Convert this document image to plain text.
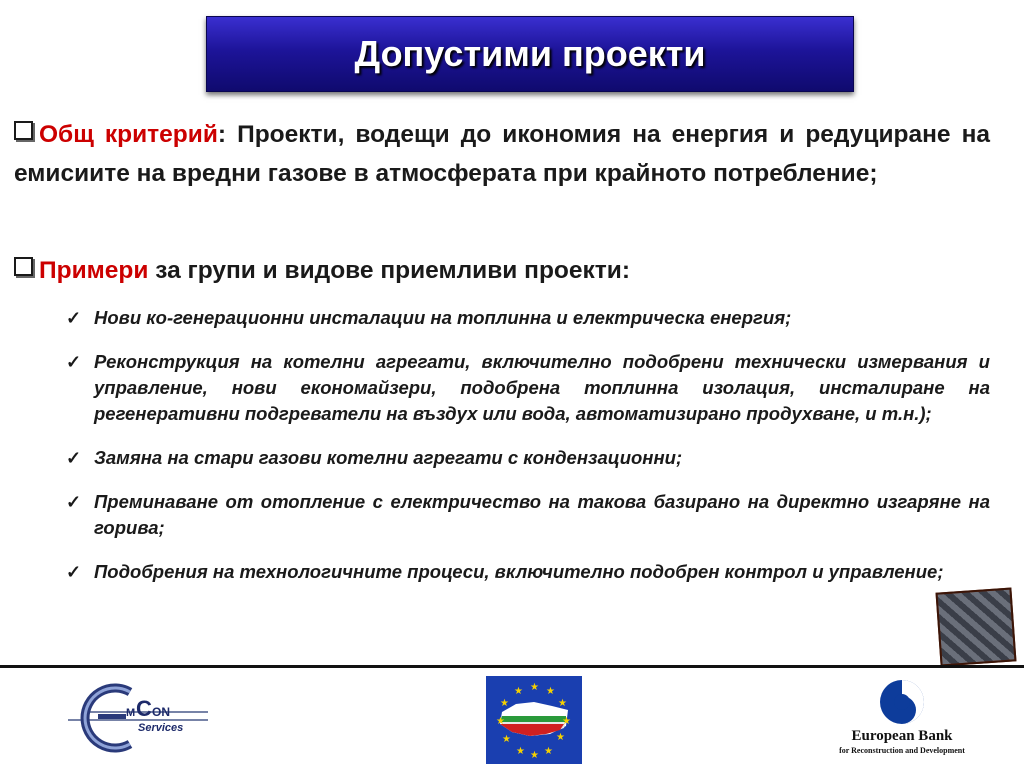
Допустими проекти
Общ критерий: Проекти, водещи до икономия на енергия и редуциране на емисиите на вредни газове в атмосферата при крайното потребление;
Примери за групи и видове приемливи проекти:
✓ Нови ко-генерационни инсталации на топлинна и електрическа енергия;
✓ Реконструкция на котелни агрегати, включително подобрени технически измервания и управление, нови економайзери, подобрена топлинна изолация, инсталиране на регенеративни подгреватели на въздух или вода, автоматизирано продухване, и т.н.);
✓ Замяна на стари газови котелни агрегати с кондензационни;
✓ Преминаване от отопление с електричество на такова базирано на директно изгаряне на горива;
✓ Подобрения на технологичните процеси, включително подобрен контрол и управление;
M C ON
Services
★ ★
★
★
★
★
★
★
★
★
★
★
European Bank
for Reconstruction and Development
